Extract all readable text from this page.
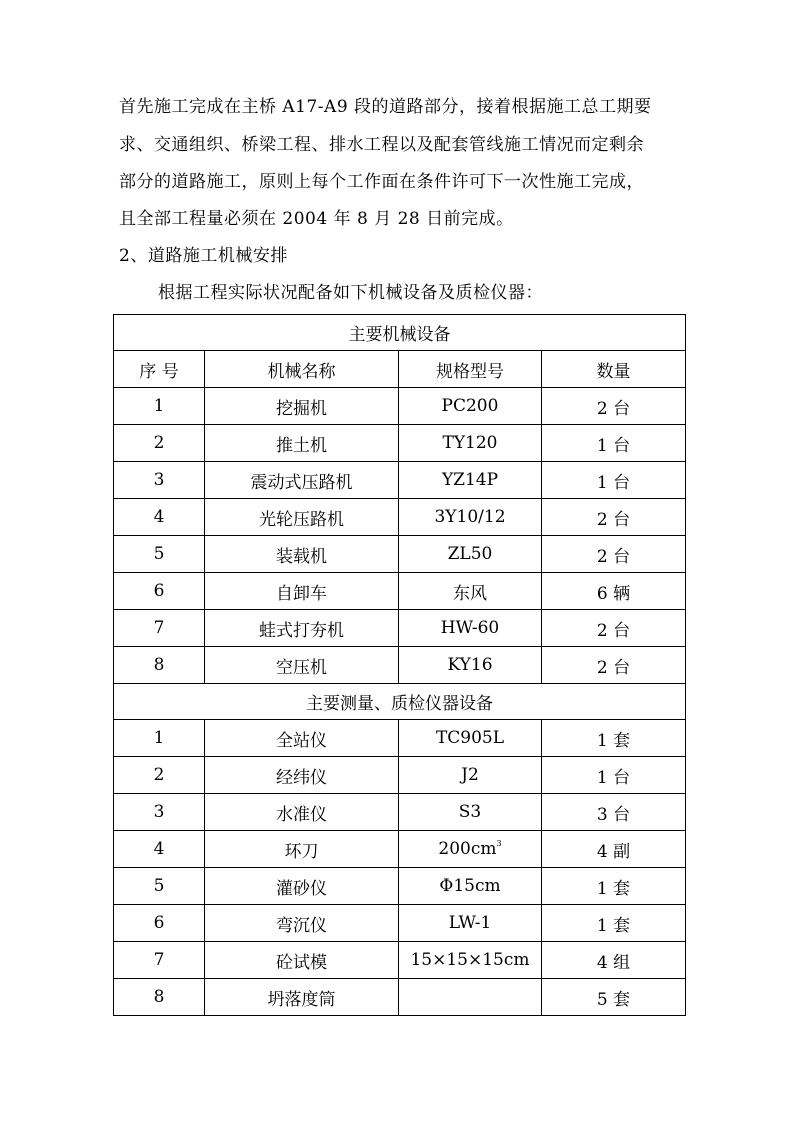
首先施工完成在主桥 A17-A9 段的道路部分，接着根据施工总工期要
求、交通组织、桥梁工程、排水工程以及配套管线施工情况而定剩余
部分的道路施工，原则上每个工作面在条件许可下一次性施工完成，
且全部工程量必须在 2004 年 8 月 28 日前完成。
2、道路施工机械安排
根据工程实际状况配备如下机械设备及质检仪器：
主要机械设备			
序 号	机械名称	规格型号	数量
1	挖掘机	PC200	2 台
2	推土机	TY120	1 台
3	震动式压路机	YZ14P	1 台
4	光轮压路机	3Y10/12	2 台
5	装载机	ZL50	2 台
6	自卸车	东风	6 辆
7	蛙式打夯机	HW-60	2 台
8	空压机	KY16	2 台
主要测量、质检仪器设备			
1	全站仪	TC905L	1 套
2	经纬仪	J2	1 台
3	水准仪	S3	3 台
4	环刀	$200cm^3$	4 副
5	灌砂仪	Φ15cm	1 套
6	弯沉仪	LW-1	1 套
7	砼试模	15×15×15cm	4 组
8	坍落度筒		5 套
